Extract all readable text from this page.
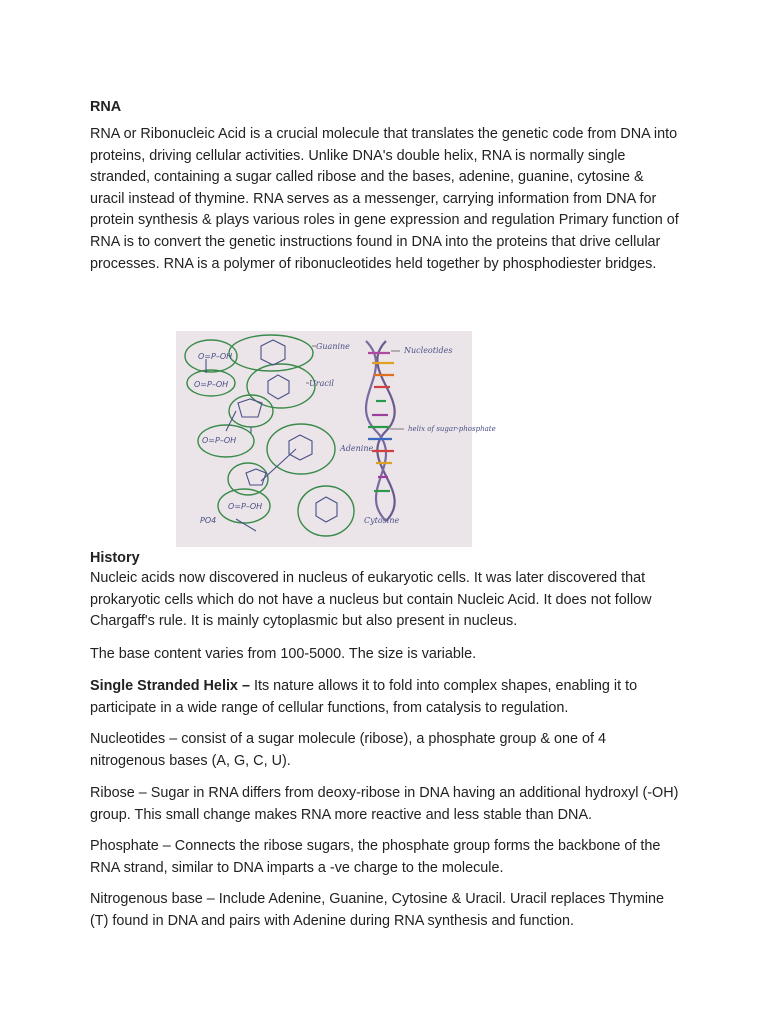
RNA

RNA or Ribonucleic Acid is a crucial molecule that translates the genetic code from DNA into proteins, driving cellular activities. Unlike DNA's double helix, RNA is normally single stranded, containing a sugar called ribose and the bases, adenine, guanine, cytosine & uracil instead of thymine. RNA serves as a messenger, carrying information from DNA for protein synthesis & plays various roles in gene expression and regulation Primary function of RNA is to convert the genetic instructions found in DNA into the proteins that drive cellular processes. RNA is a polymer of ribonucleotides held together by phosphodiester bridges.

O=P–OH
O=P–OH
O=P–OH
O=P–OH
PO4
Guanine
Uracil
Adenine
Cytosine
Nucleotides
helix of sugar-phosphate
History

Nucleic acids now discovered in nucleus of eukaryotic cells. It was later discovered that prokaryotic cells which do not have a nucleus but contain Nucleic Acid. It does not follow Chargaff's rule. It is mainly cytoplasmic but also present in nucleus.

The base content varies from 100-5000. The size is variable.

Single Stranded Helix – Its nature allows it to fold into complex shapes, enabling it to participate in a wide range of cellular functions, from catalysis to regulation.

Nucleotides – consist of a sugar molecule (ribose), a phosphate group & one of 4 nitrogenous bases (A, G, C, U).

Ribose – Sugar in RNA differs from deoxy-ribose in DNA having an additional hydroxyl (-OH) group. This small change makes RNA more reactive and less stable than DNA.

Phosphate – Connects the ribose sugars, the phosphate group forms the backbone of the RNA strand, similar to DNA imparts a -ve charge to the molecule.

Nitrogenous base – Include Adenine, Guanine, Cytosine & Uracil. Uracil replaces Thymine (T) found in DNA and pairs with Adenine during RNA synthesis and function.
